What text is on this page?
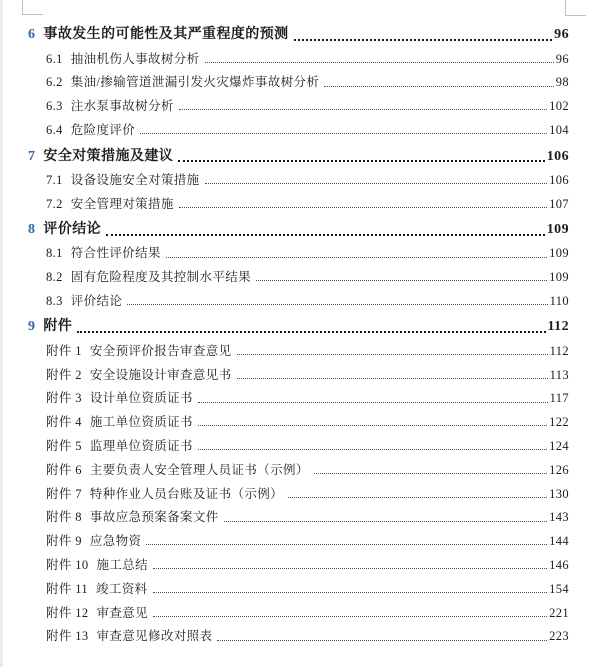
6 事故发生的可能性及其严重程度的预测	96
6.1 抽油机伤人事故树分析	96
6.2 集油/掺输管道泄漏引发火灾爆炸事故树分析	98
6.3 注水泵事故树分析	102
6.4 危险度评价	104
7 安全对策措施及建议	106
7.1 设备设施安全对策措施	106
7.2 安全管理对策措施	107
8 评价结论	109
8.1 符合性评价结果	109
8.2 固有危险程度及其控制水平结果	109
8.3 评价结论	110
9 附件	112
附件 1 安全预评价报告审查意见	112
附件 2 安全设施设计审查意见书	113
附件 3 设计单位资质证书	117
附件 4 施工单位资质证书	122
附件 5 监理单位资质证书	124
附件 6 主要负责人安全管理人员证书（示例）	126
附件 7 特种作业人员台账及证书（示例）	130
附件 8 事故应急预案备案文件	143
附件 9 应急物资	144
附件 10 施工总结	146
附件 11 竣工资料	154
附件 12 审查意见	221
附件 13 审查意见修改对照表	223
